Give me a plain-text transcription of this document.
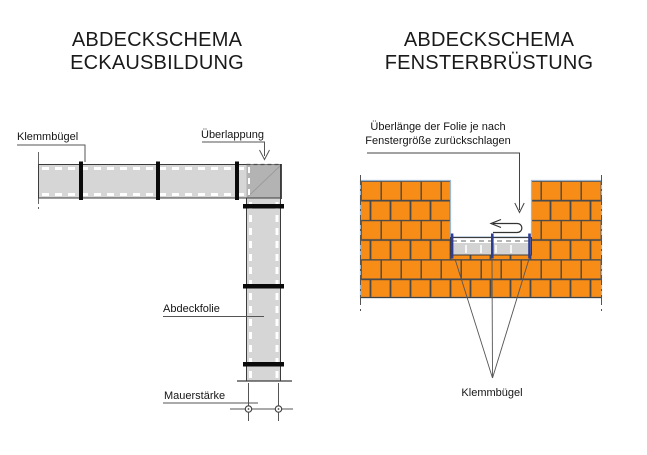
ABDECKSCHEMA
ECKAUSBILDUNG
ABDECKSCHEMA
FENSTERBRÜSTUNG
Klemmbügel	Überlappung
Abdeckfolie
Mauerstärke
Überlänge der Folie je nach
Fenstergröße zurückschlagen
Klemmbügel
